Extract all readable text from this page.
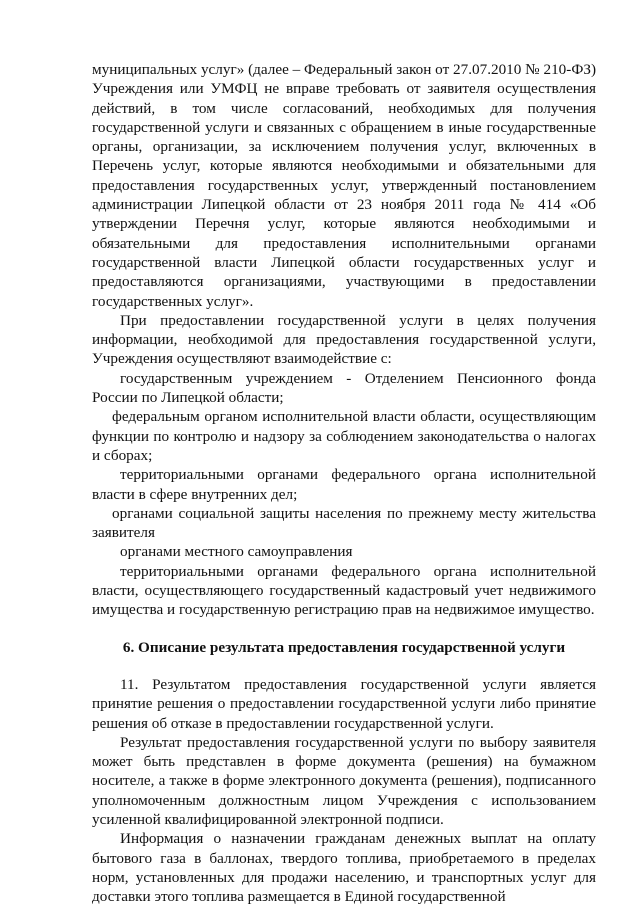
муниципальных услуг» (далее – Федеральный закон от 27.07.2010 № 210-ФЗ) Учреждения или УМФЦ не вправе требовать от заявителя осуществления действий, в том числе согласований, необходимых для получения государственной услуги и связанных с обращением в иные государственные органы, организации, за исключением получения услуг, включенных в Перечень услуг, которые являются необходимыми и обязательными для предоставления государственных услуг, утвержденный постановлением администрации Липецкой области от 23 ноября 2011 года № 414 «Об утверждении Перечня услуг, которые являются необходимыми и обязательными для предоставления исполнительными органами государственной власти Липецкой области государственных услуг и предоставляются организациями, участвующими в предоставлении государственных услуг».

При предоставлении государственной услуги в целях получения информации, необходимой для предоставления государственной услуги, Учреждения осуществляют взаимодействие с:

государственным учреждением - Отделением Пенсионного фонда России по Липецкой области;

федеральным органом исполнительной власти области, осуществляющим функции по контролю и надзору за соблюдением законодательства о налогах и сборах;

территориальными органами федерального органа исполнительной власти в сфере внутренних дел;

органами социальной защиты населения по прежнему месту жительства заявителя

органами местного самоуправления

территориальными органами федерального органа исполнительной власти, осуществляющего государственный кадастровый учет недвижимого имущества и государственную регистрацию прав на недвижимое имущество.

6. Описание результата предоставления государственной услуги

11. Результатом предоставления государственной услуги является принятие решения о предоставлении государственной услуги либо принятие решения об отказе в предоставлении государственной услуги.

Результат предоставления государственной услуги по выбору заявителя может быть представлен в форме документа (решения) на бумажном носителе, а также в форме электронного документа (решения), подписанного уполномоченным должностным лицом Учреждения с использованием усиленной квалифицированной электронной подписи.

Информация о назначении гражданам денежных выплат на оплату бытового газа в баллонах, твердого топлива, приобретаемого в пределах норм, установленных для продажи населению, и транспортных услуг для доставки этого топлива размещается в Единой государственной
